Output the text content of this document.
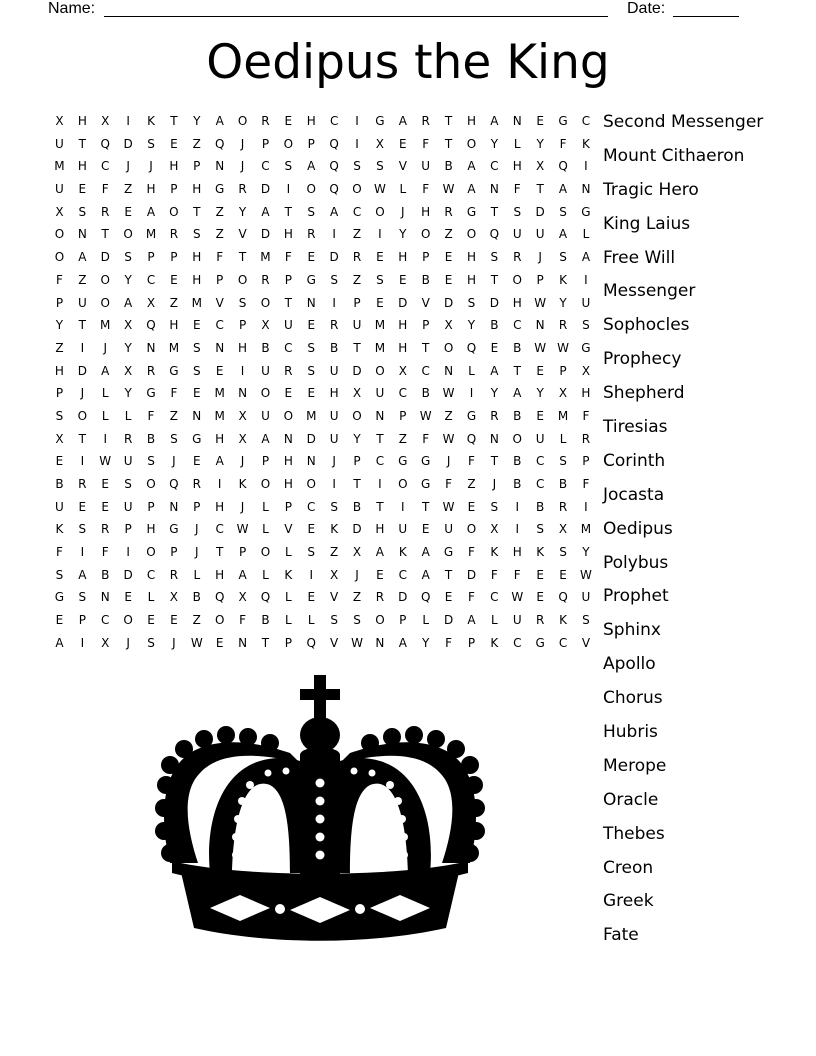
Name:	Date:
Oedipus the King
X	H	X	I	K	T	Y	A	O	R	E	H	C	I	G	A	R	T	H	A	N	E	G	C
U	T	Q	D	S	E	Z	Q	J	P	O	P	Q	I	X	E	F	T	O	Y	L	Y	F	K
M	H	C	J	J	H	P	N	J	C	S	A	Q	S	S	V	U	B	A	C	H	X	Q	I
U	E	F	Z	H	P	H	G	R	D	I	O	Q	O	W	L	F	W	A	N	F	T	A	N
X	S	R	E	A	O	T	Z	Y	A	T	S	A	C	O	J	H	R	G	T	S	D	S	G
O	N	T	O	M	R	S	Z	V	D	H	R	I	Z	I	Y	O	Z	O	Q	U	U	A	L
O	A	D	S	P	P	H	F	T	M	F	E	D	R	E	H	P	E	H	S	R	J	S	A
F	Z	O	Y	C	E	H	P	O	R	P	G	S	Z	S	E	B	E	H	T	O	P	K	I
P	U	O	A	X	Z	M	V	S	O	T	N	I	P	E	D	V	D	S	D	H	W	Y	U
Y	T	M	X	Q	H	E	C	P	X	U	E	R	U	M	H	P	X	Y	B	C	N	R	S
Z	I	J	Y	N	M	S	N	H	B	C	S	B	T	M	H	T	O	Q	E	B	W W	G
H	D	A	X	R	G	S	E	I	U	R	S	U	D	O	X	C	N	L	A	T	E	P	X
P	J	L	Y	G	F	E	M	N	O	E	E	H	X	U	C	B	W	I	Y	A	Y	X	H
S	O	L	L	F	Z	N	M	X	U	O	M	U	O	N	P	W	Z	G	R	B	E	M	F
X	T	I	R	B	S	G	H	X	A	N	D	U	Y	T	Z	F	W	Q	N	O	U	L	R
E	I	W	U	S	J	E	A	J	P	H	N	J	P	C	G	G	J	F	T	B	C	S	P
B	R	E	S	O	Q	R	I	K	O	H	O	I	T	I	O	G	F	Z	J	B	C	B	F
U	E	E	U	P	N	P	H	J	L	P	C	S	B	T	I	T	W	E	S	I	B	R	I
K	S	R	P	H	G	J	C	W	L	V	E	K	D	H	U	E	U	O	X	I	S	X	M
F	I	F	I	O	P	J	T	P	O	L	S	Z	X	A	K	A	G	F	K	H	K	S	Y
S	A	B	D	C	R	L	H	A	L	K	I	X	J	E	C	A	T	D	F	F	E	E	W
G	S	N	E	L	X	B	Q	X	Q	L	E	V	Z	R	D	Q	E	F	C	W	E	Q	U
E	P	C	O	E	E	Z	O	F	B	L	L	S	S	O	P	L	D	A	L	U	R	K	S
A	I	X	J	S	J	W	E	N	T	P	Q	V	W	N	A	Y	F	P	K	C	G	C	V
Second Messenger
Mount Cithaeron
Tragic Hero
King Laius
Free Will
Messenger
Sophocles
Prophecy
Shepherd
Tiresias
Corinth
Jocasta
Oedipus
Polybus
Prophet
Sphinx
Apollo
Chorus
Hubris
Merope
Oracle
Thebes
Creon
Greek
Fate
